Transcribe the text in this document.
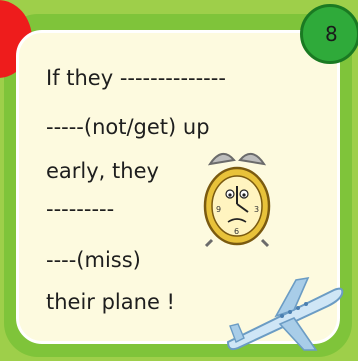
8
If they --------------
-----(not/get) up
early, they
---------
----(miss)
their plane !
9	3
6
